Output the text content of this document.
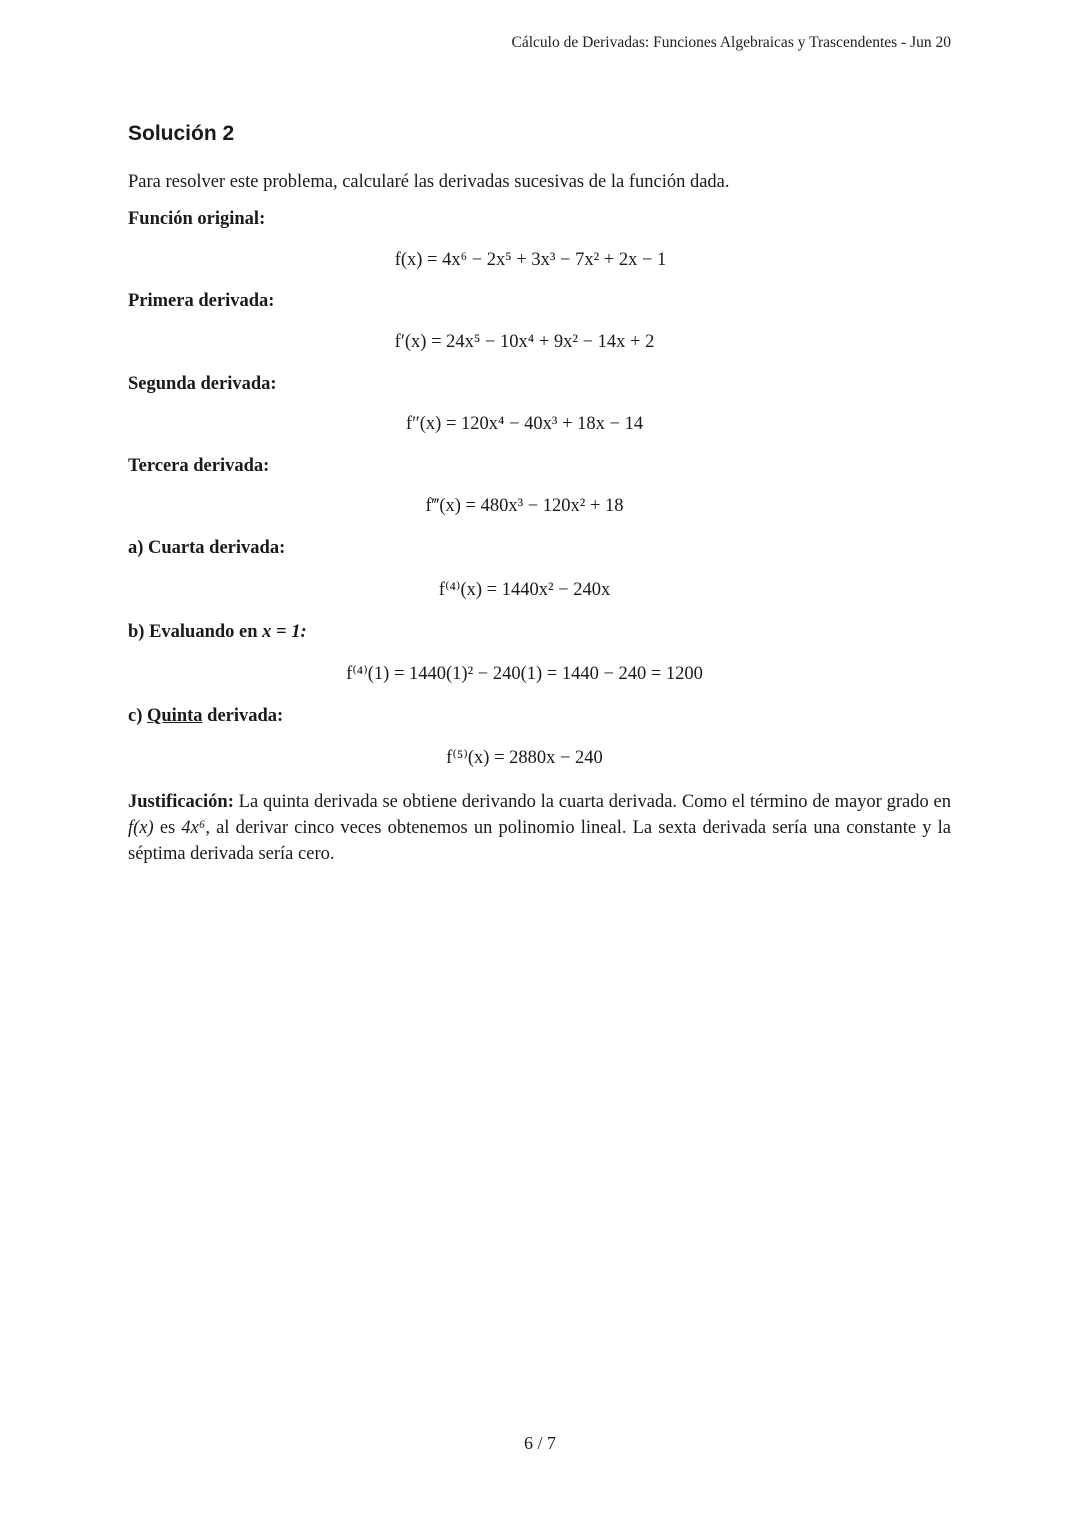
Cálculo de Derivadas: Funciones Algebraicas y Trascendentes - Jun 20
Solución 2
Para resolver este problema, calcularé las derivadas sucesivas de la función dada.
Función original:
f(x) = 4x⁶ − 2x⁵ + 3x³ − 7x² + 2x − 1
Primera derivada:
f′(x) = 24x⁵ − 10x⁴ + 9x² − 14x + 2
Segunda derivada:
f″(x) = 120x⁴ − 40x³ + 18x − 14
Tercera derivada:
f‴(x) = 480x³ − 120x² + 18
a) Cuarta derivada:
f⁽⁴⁾(x) = 1440x² − 240x
b) Evaluando en x = 1:
f⁽⁴⁾(1) = 1440(1)² − 240(1) = 1440 − 240 = 1200
c) Quinta derivada:
f⁽⁵⁾(x) = 2880x − 240
Justificación: La quinta derivada se obtiene derivando la cuarta derivada. Como el término de mayor grado en f(x) es 4x⁶, al derivar cinco veces obtenemos un polinomio lineal. La sexta derivada sería una constante y la séptima derivada sería cero.
6 / 7
